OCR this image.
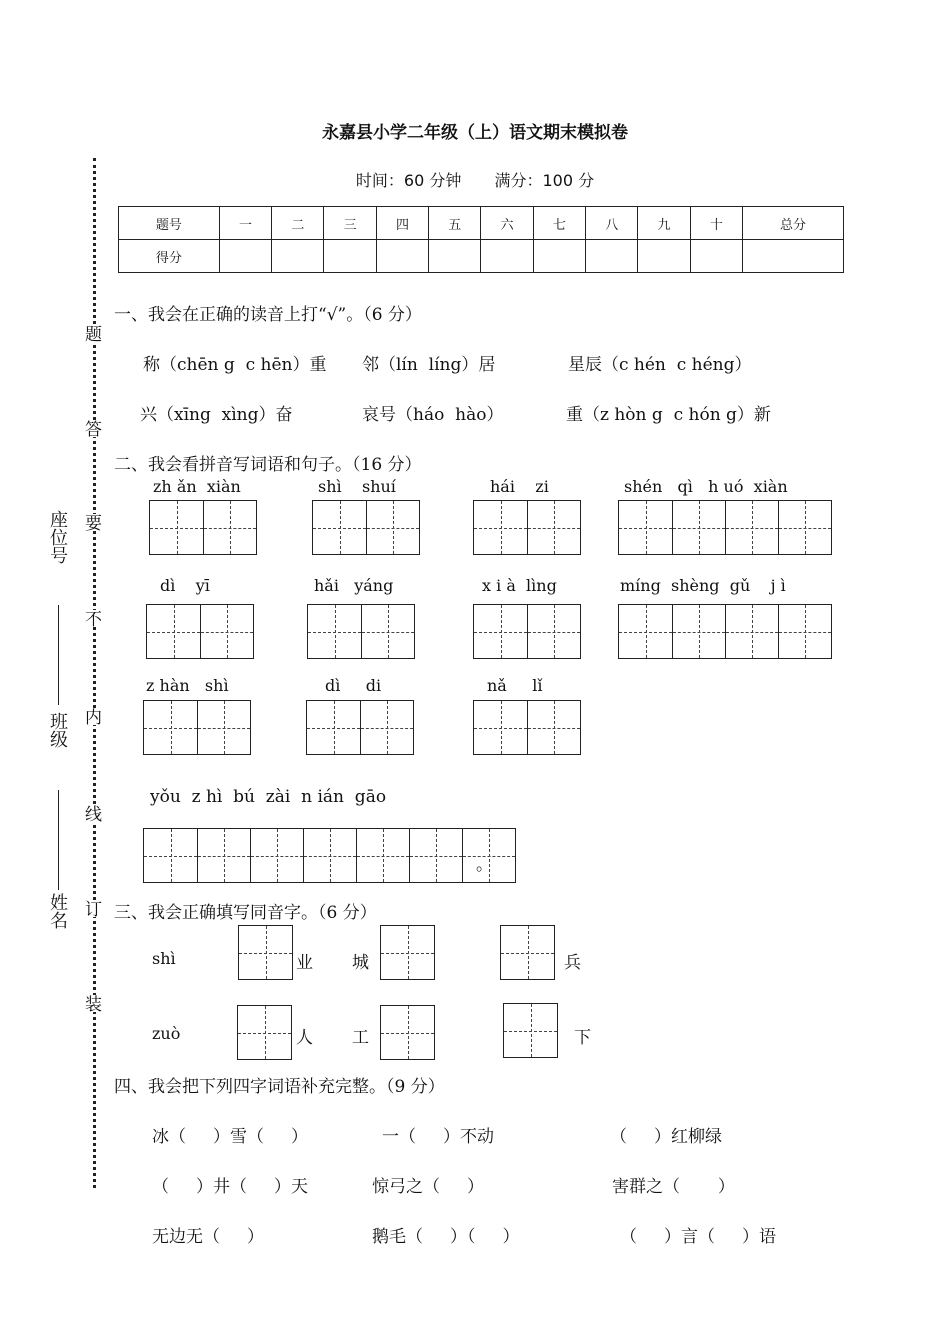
永嘉县小学二年级（上）语文期末模拟卷
时间：60 分钟 满分：100 分
题号	一	二	三	四	五	六	七	八	九	十	总分
得分											
题
答
要
不
内
线
订
装
座位号
班级
姓名
一、我会在正确的读音上打“√”。（6 分）
称（chēn g  c hēn）重 邻（lín  líng）居	星辰（c hén  c héng）
兴（xīng  xìng）奋	哀号（háo  hào）	重（z hòn g  c hón g）新
二、我会看拼音写词语和句子。（16 分）
zh ǎn  xiàn	shì    shuí	hái    zi	shén   qì   h uó  xiàn
dì    yī	hǎi   yáng	x i à  lìng	míng  shèng  gǔ    j ì
z hàn   shì	dì     di	nǎ     lǐ
yǒu  z hì  bú  zài  n ián  gāo
。
三、我会正确填写同音字。（6 分）
shì	业 城	兵
zuò	人 工	下
四、我会把下列四字词语补充完整。（9 分）
冰（     ）雪（     ）	一（     ）不动	（     ）红柳绿
（     ）井（     ）天	惊弓之（     ）	害群之（       ）
无边无（     ）	鹅毛（     ）（     ）	（     ）言（     ）语
